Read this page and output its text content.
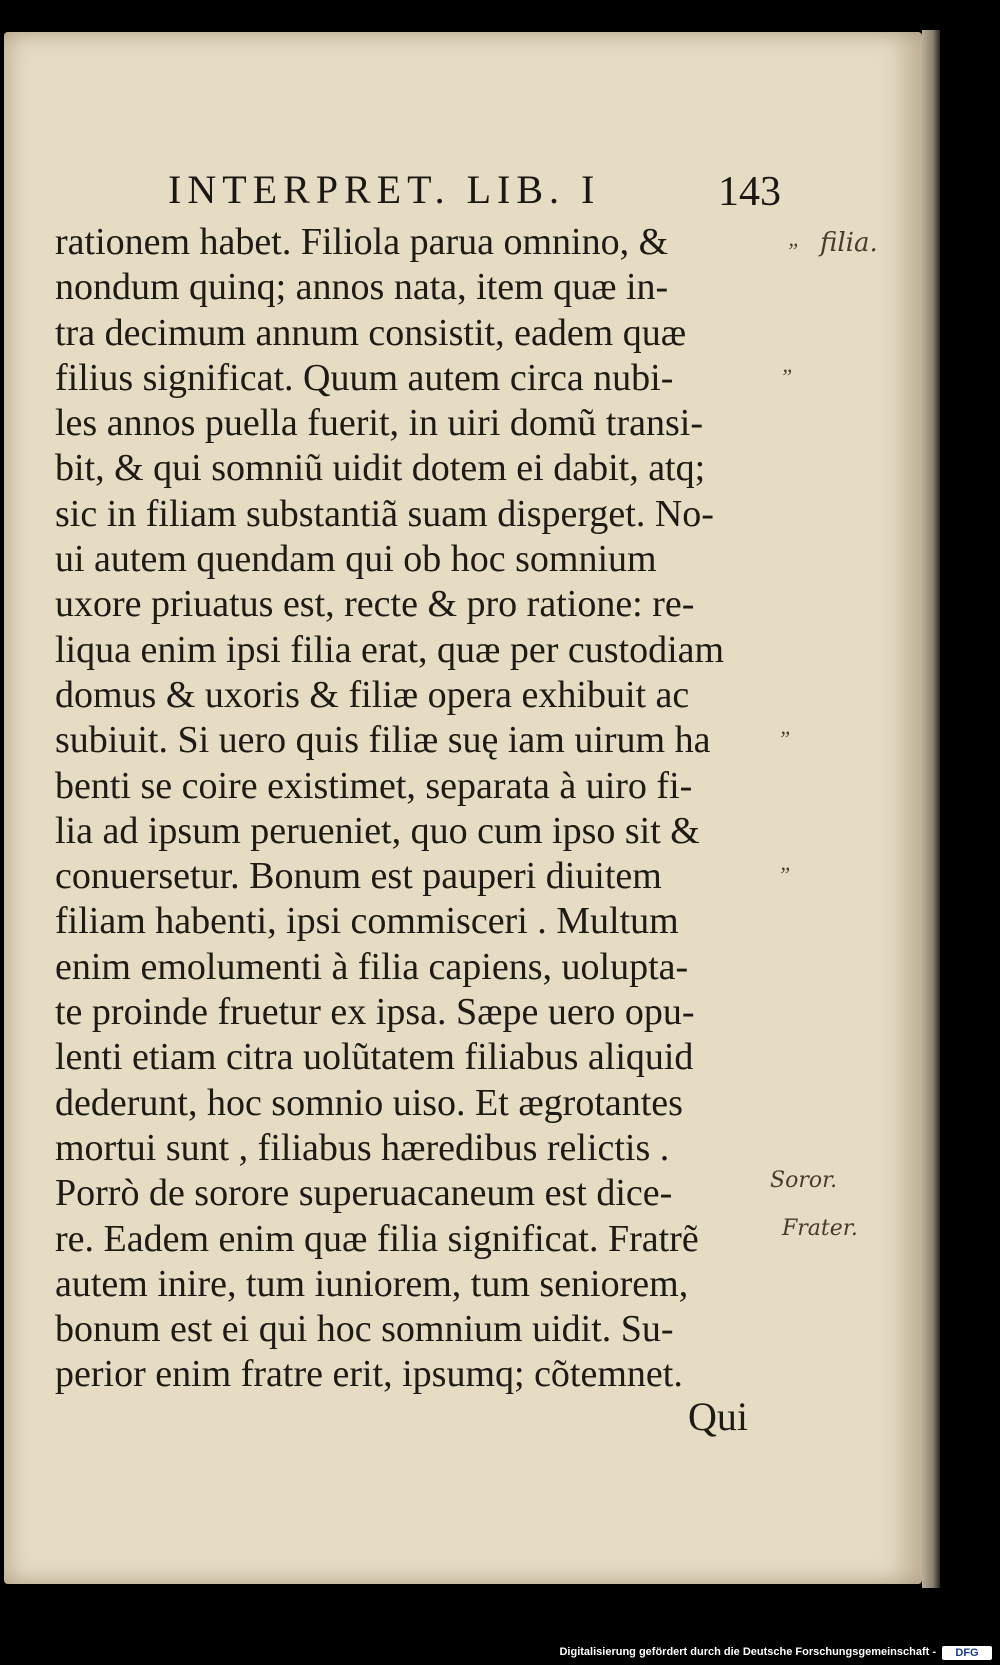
INTERPRET. LIB. I	143
rationem habet. Filiola parua omnino, &
nondum quinq; annos nata, item quæ in-
tra decimum annum consistit, eadem quæ
filius significat. Quum autem circa nubi-
les annos puella fuerit, in uiri domũ transi-
bit, & qui somniũ uidit dotem ei dabit, atq;
sic in filiam substantiã suam disperget. No-
ui autem quendam qui ob hoc somnium
uxore priuatus est, recte & pro ratione: re-
liqua enim ipsi filia erat, quæ per custodiam
domus & uxoris & filiæ opera exhibuit ac
subiuit. Si uero quis filiæ suę iam uirum ha
benti se coire existimet, separata à uiro fi-
lia ad ipsum perueniet, quo cum ipso sit &
conuersetur. Bonum est pauperi diuitem
filiam habenti, ipsi commisceri . Multum
enim emolumenti à filia capiens, uolupta-
te proinde fruetur ex ipsa. Sæpe uero opu-
lenti etiam citra uolũtatem filiabus aliquid
dederunt, hoc somnio uiso. Et ægrotantes
mortui sunt , filiabus hæredibus relictis .
Porrò de sorore superuacaneum est dice-
re. Eadem enim quæ filia significat. Fratrẽ
autem inire, tum iuniorem, tum seniorem,
bonum est ei qui hoc somnium uidit. Su-
perior enim fratre erit, ipsumq; cõtemnet.
Qui
” filia.
”
”
”
Soror.
Frater.
Digitalisierung gefördert durch die Deutsche Forschungsgemeinschaft -	DFG
